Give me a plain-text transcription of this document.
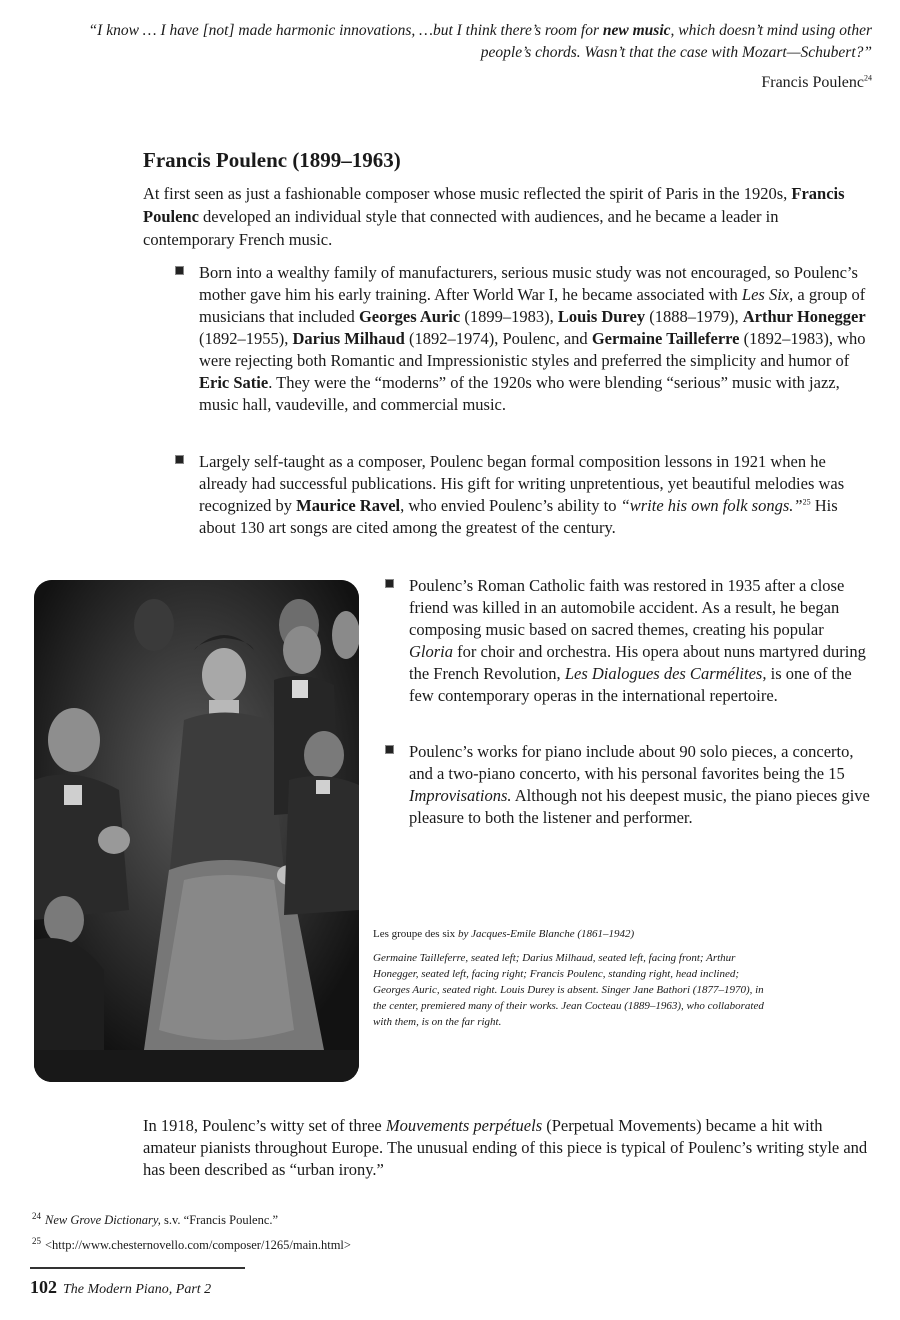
“I know … I have [not] made harmonic innovations, …but I think there’s room for new music, which doesn’t mind using other people’s chords. Wasn’t that the case with Mozart—Schubert?”
Francis Poulenc$^{24}$
Francis Poulenc (1899–1963)
At first seen as just a fashionable composer whose music reflected the spirit of Paris in the 1920s, Francis Poulenc developed an individual style that connected with audiences, and he became a leader in contemporary French music.
Born into a wealthy family of manufacturers, serious music study was not encouraged, so Poulenc’s mother gave him his early training. After World War I, he became associated with Les Six, a group of musicians that included Georges Auric (1899–1983), Louis Durey (1888–1979), Arthur Honegger (1892–1955), Darius Milhaud (1892–1974), Poulenc, and Germaine Tailleferre (1892–1983), who were rejecting both Romantic and Impressionistic styles and preferred the simplicity and humor of Eric Satie. They were the “moderns” of the 1920s who were blending “serious” music with jazz, music hall, vaudeville, and commercial music.
Largely self-taught as a composer, Poulenc began formal composition lessons in 1921 when he already had successful publications. His gift for writing unpretentious, yet beautiful melodies was recognized by Maurice Ravel, who envied Poulenc’s ability to “write his own folk songs.”$^{25}$ His about 130 art songs are cited among the greatest of the century.
Poulenc’s Roman Catholic faith was restored in 1935 after a close friend was killed in an automobile accident. As a result, he began composing music based on sacred themes, creating his popular Gloria for choir and orchestra. His opera about nuns martyred during the French Revolution, Les Dialogues des Carmélites, is one of the few contemporary operas in the international repertoire.
Poulenc’s works for piano include about 90 solo pieces, a concerto, and a two-piano concerto, with his personal favorites being the 15 Improvisations. Although not his deepest music, the piano pieces give pleasure to both the listener and performer.
Les groupe des six by Jacques-Emile Blanche (1861–1942)
Germaine Tailleferre, seated left; Darius Milhaud, seated left, facing front; Arthur Honegger, seated left, facing right; Francis Poulenc, standing right, head inclined; Georges Auric, seated right. Louis Durey is absent. Singer Jane Bathori (1877–1970), in the center, premiered many of their works. Jean Cocteau (1889–1963), who collaborated with them, is on the far right.
In 1918, Poulenc’s witty set of three Mouvements perpétuels (Perpetual Movements) became a hit with amateur pianists throughout Europe. The unusual ending of this piece is typical of Poulenc’s writing style and has been described as “urban irony.”
$^{24}$ New Grove Dictionary, s.v. “Francis Poulenc.”
$^{25}$ <http://www.chesternovello.com/composer/1265/main.html>
102 The Modern Piano, Part 2
